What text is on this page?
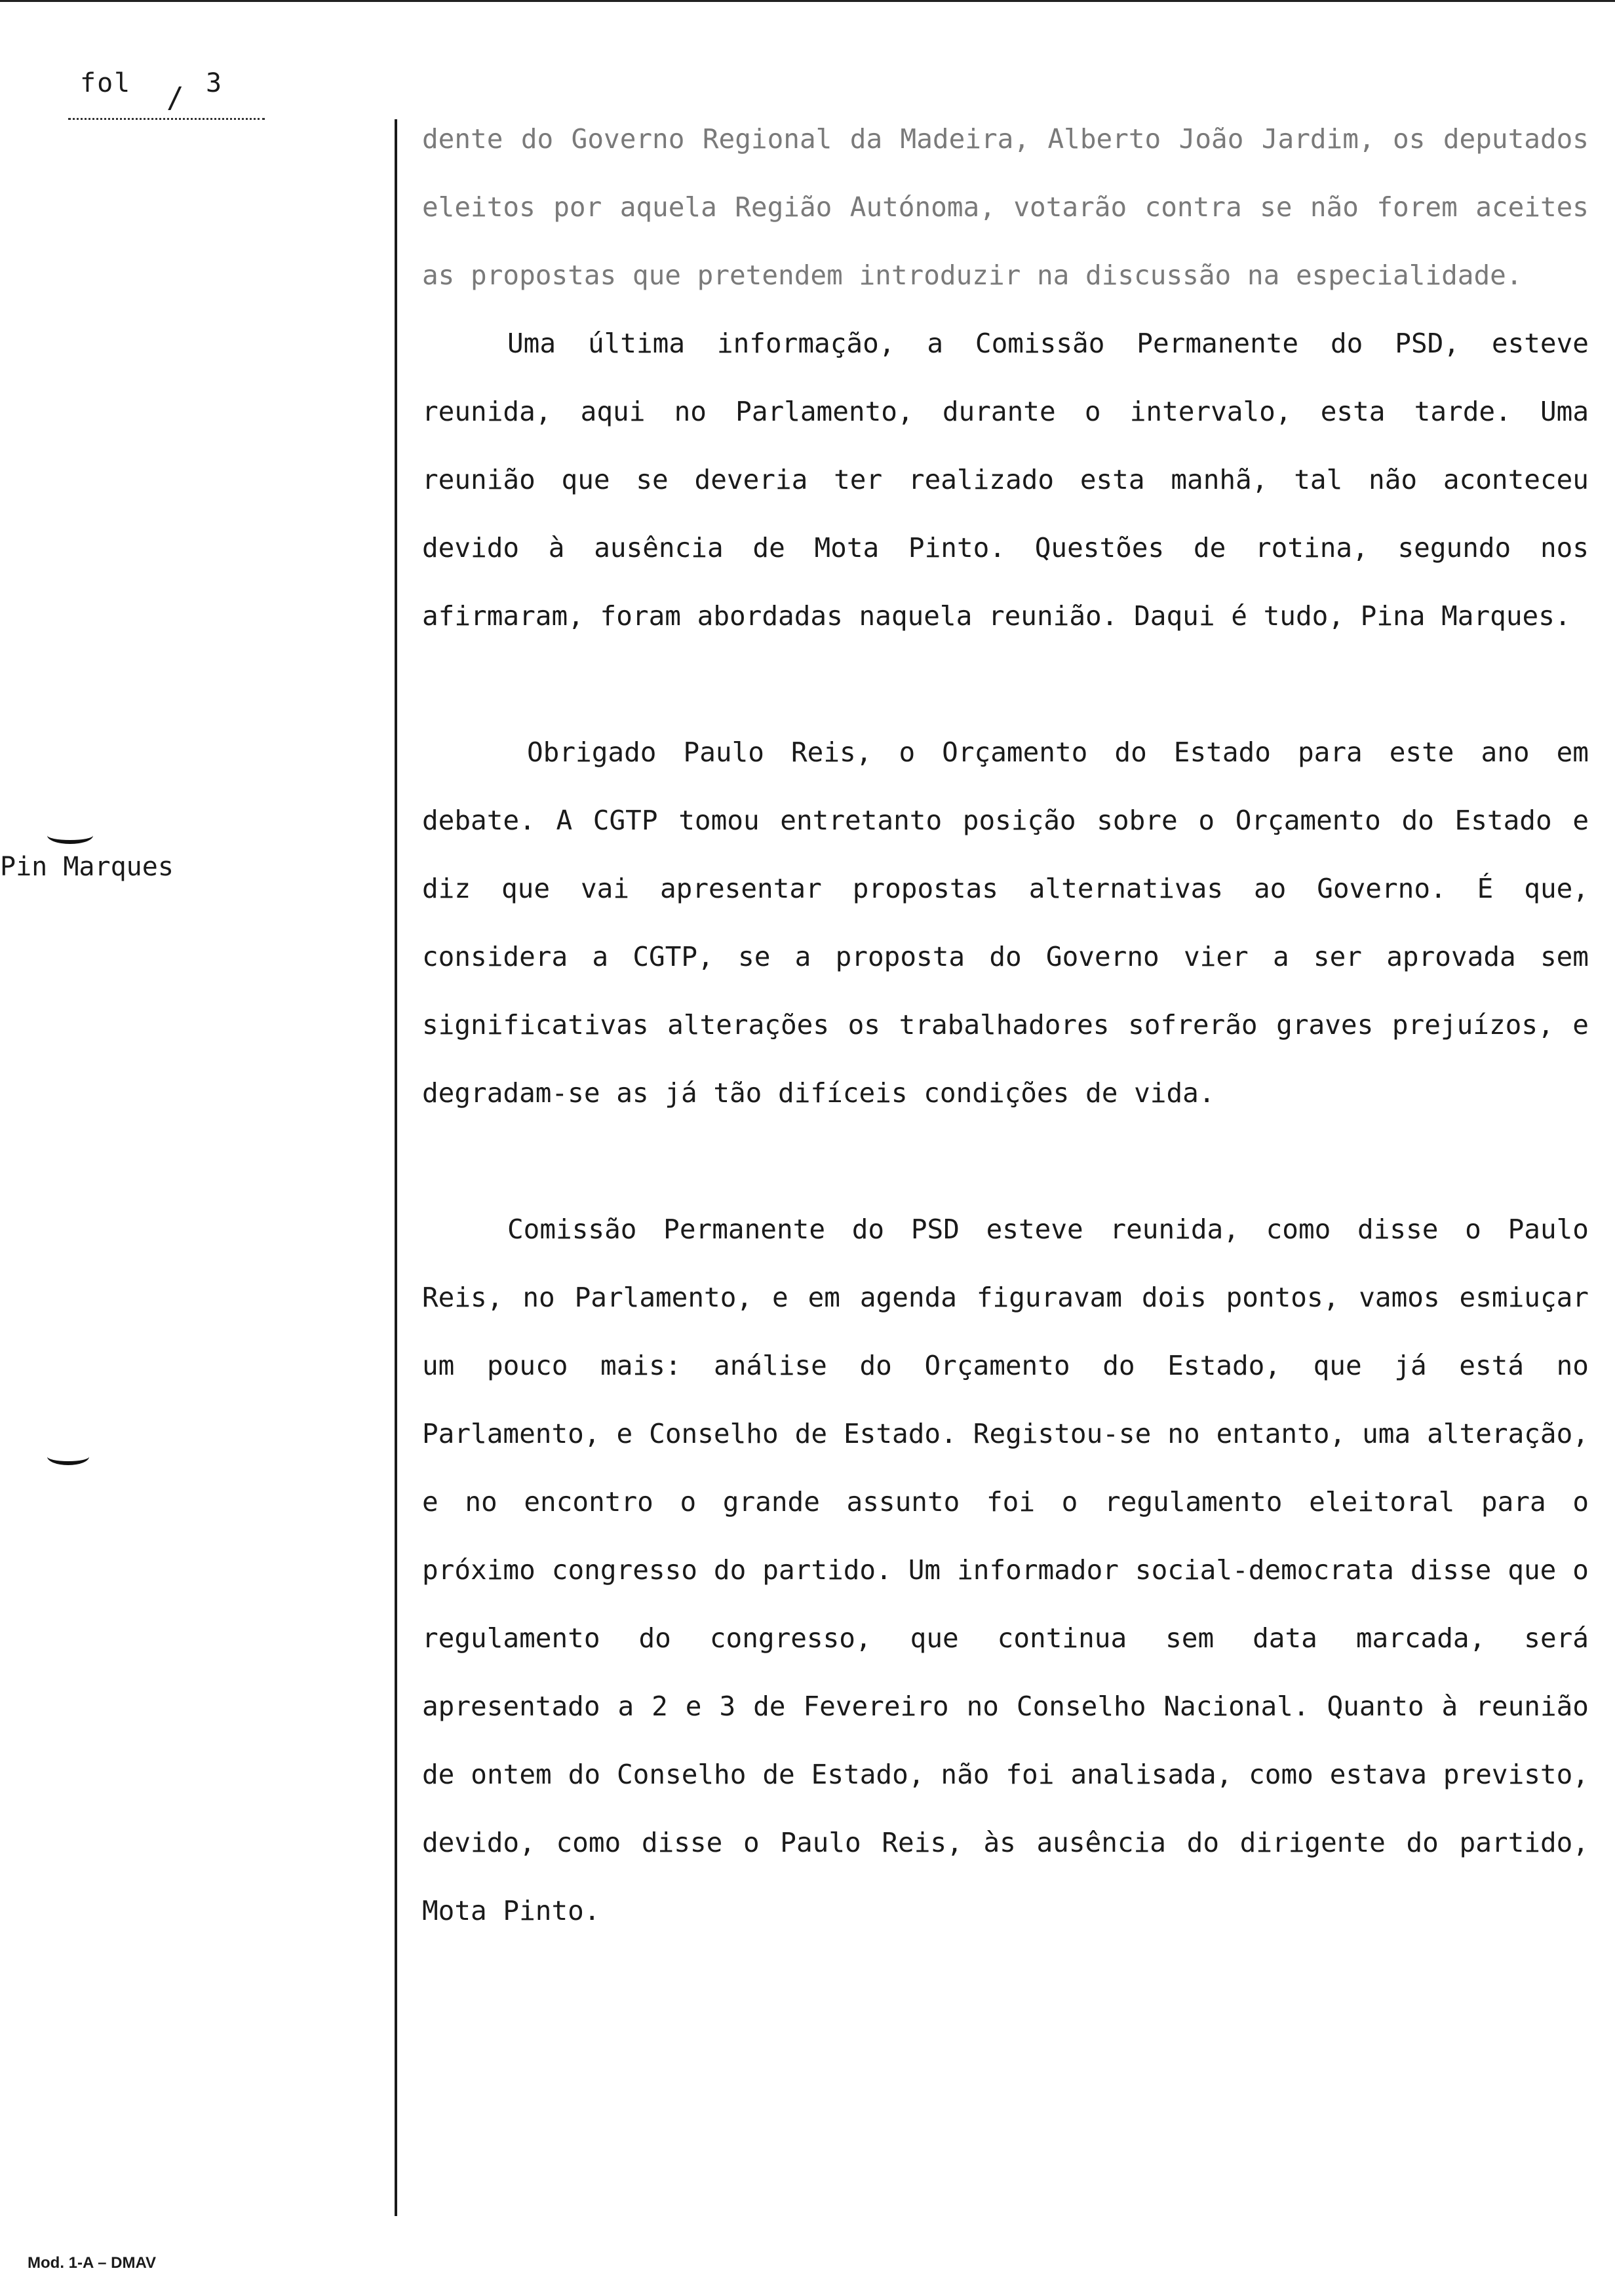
fol / 3
Pin Marques

dente do Governo Regional da Madeira, Alberto João Jardim, os deputados eleitos por aquela Região Autónoma, votarão contra se não forem aceites as propostas que pretendem introduzir na discussão na especialidade.

Uma última informação, a Comissão Permanente do PSD, esteve reunida, aqui no Parlamento, durante o intervalo, esta tarde. Uma reunião que se deveria ter realizado esta manhã, tal não aconteceu devido à ausência de Mota Pinto. Questões de rotina, segundo nos afirmaram, foram abordadas naquela reunião. Daqui é tudo, Pina Marques.

Obrigado Paulo Reis, o Orçamento do Estado para este ano em debate. A CGTP tomou entretanto posição sobre o Orçamento do Estado e diz que vai apresentar propostas alternativas ao Governo. É que, considera a CGTP, se a proposta do Governo vier a ser aprovada sem significativas alterações os trabalhadores sofrerão graves prejuízos, e degradam-se as já tão difíceis condições de vida.

Comissão Permanente do PSD esteve reunida, como disse o Paulo Reis, no Parlamento, e em agenda figuravam dois pontos, vamos esmiuçar um pouco mais: análise do Orçamento do Estado, que já está no Parlamento, e Conselho de Estado. Registou-se no entanto, uma alteração, e no encontro o grande assunto foi o regulamento eleitoral para o próximo congresso do partido. Um informador social-democrata disse que o regulamento do congresso, que continua sem data marcada, será apresentado a 2 e 3 de Fevereiro no Conselho Nacional. Quanto à reunião de ontem do Conselho de Estado, não foi analisada, como estava previsto, devido, como disse o Paulo Reis, às ausência do dirigente do partido, Mota Pinto.

Mod. 1-A – DMAV
